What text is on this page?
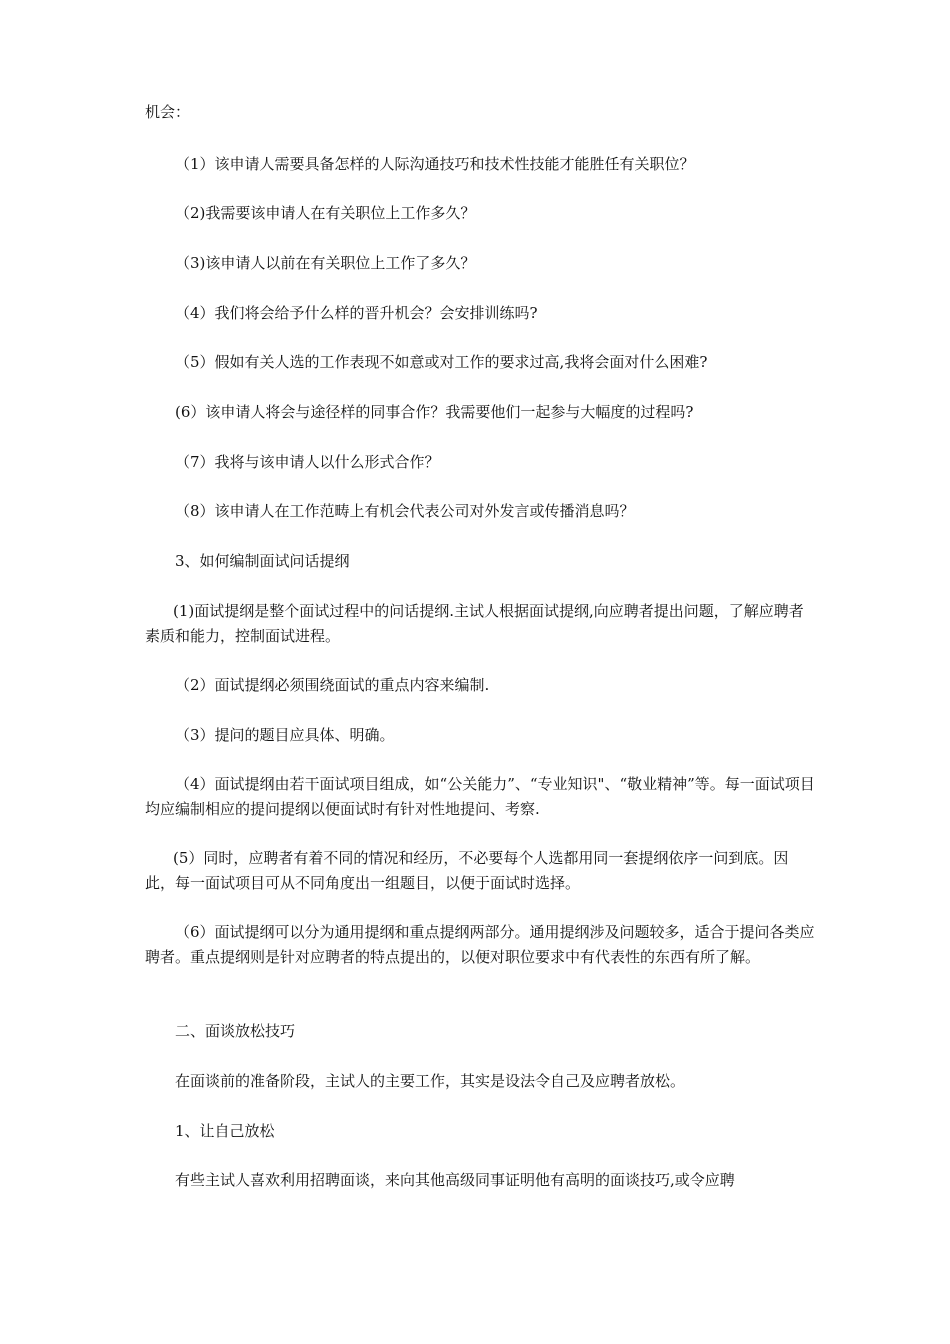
机会：

（1）该申请人需要具备怎样的人际沟通技巧和技术性技能才能胜任有关职位？

（2)我需要该申请人在有关职位上工作多久？

（3)该申请人以前在有关职位上工作了多久？

（4）我们将会给予什么样的晋升机会？会安排训练吗?

（5）假如有关人选的工作表现不如意或对工作的要求过高,我将会面对什么困难?

(6）该申请人将会与途径样的同事合作？我需要他们一起参与大幅度的过程吗?

（7）我将与该申请人以什么形式合作？

（8）该申请人在工作范畴上有机会代表公司对外发言或传播消息吗？

3、如何编制面试问话提纲

(1)面试提纲是整个面试过程中的问话提纲.主试人根据面试提纲,向应聘者提出问题，了解应聘者素质和能力，控制面试进程。

（2）面试提纲必须围绕面试的重点内容来编制.

（3）提问的题目应具体、明确。

（4）面试提纲由若干面试项目组成，如“公关能力”、“专业知识"、“敬业精神”等。每一面试项目均应编制相应的提问提纲以便面试时有针对性地提问、考察.

(5）同时，应聘者有着不同的情况和经历，不必要每个人选都用同一套提纲依序一问到底。因此，每一面试项目可从不同角度出一组题目，以便于面试时选择。

（6）面试提纲可以分为通用提纲和重点提纲两部分。通用提纲涉及问题较多，适合于提问各类应聘者。重点提纲则是针对应聘者的特点提出的，以便对职位要求中有代表性的东西有所了解。

二、面谈放松技巧

在面谈前的准备阶段，主试人的主要工作，其实是设法令自己及应聘者放松。

1、让自己放松

有些主试人喜欢利用招聘面谈，来向其他高级同事证明他有高明的面谈技巧,或令应聘
